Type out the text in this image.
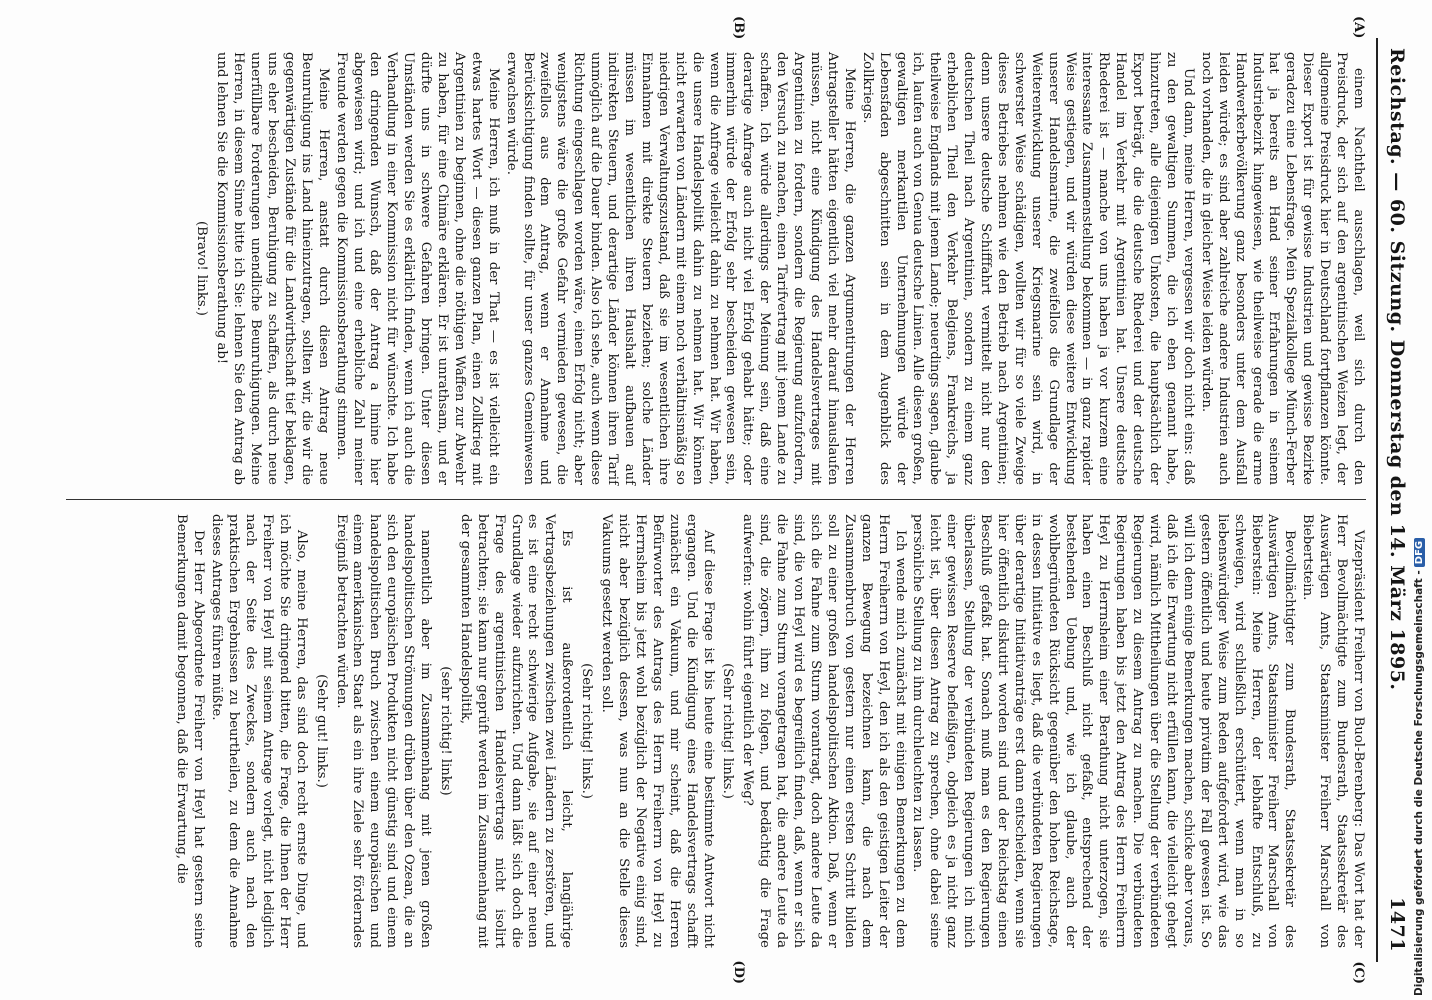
Reichstag. — 60. Sitzung. Donnerstag den 14. März 1895.
1471

einem Nachtheil ausschlagen, weil sich durch den Preisdruck, der sich auf den argentinischen Weizen legt, der allgemeine Preisdruck hier in Deutschland fortpflanzen könnte. Dieser Export ist für gewisse Industrien und gewisse Bezirke geradezu eine Lebensfrage. Mein Spezialkollege Münch-Ferber hat ja bereits an Hand seiner Erfahrungen in seinem Industriebezirk hingewiesen, wie theilweise gerade die arme Handwerkerbevölkerung ganz besonders unter dem Ausfall leiden würde; es sind aber zahlreiche andere Industrien auch noch vorhanden, die in gleicher Weise leiden würden.

Und dann, meine Herren, vergessen wir doch nicht eins: daß zu den gewaltigen Summen, die ich eben genannt habe, hinzutreten, alle diejenigen Unkosten, die hauptsächlich der Export beträgt, die die deutsche Rhederei und der deutsche Handel im Verkehr mit Argentinien hat. Unsere deutsche Rhederei ist — manche von uns haben ja vor kurzem eine interessante Zusammenstellung bekommen — in ganz rapider Weise gestiegen, und wir würden diese weitere Entwicklung unserer Handelsmarine, die zweifellos die Grundlage der Weiterentwicklung unserer Kriegsmarine sein wird, in schwerster Weise schädigen, wollten wir für so viele Zweige dieses Betriebes nehmen wie den Betrieb nach Argentinien; denn unsere deutsche Schifffahrt vermittelt nicht nur den deutschen Theil nach Argentinien, sondern zu einem ganz erheblichen Theil den Verkehr Belgiens, Frankreichs, ja theilweise Englands mit jenem Lande; neuerdings sagen, glaube ich, laufen auch von Genua deutsche Linien. Alle diesen großen, gewaltigen merkantilen Unternehmungen würde der Lebensfaden abgeschnitten sein in dem Augenblick des Zollkriegs.

Meine Herren, die ganzen Argumentirungen der Herren Antragsteller hätten eigentlich viel mehr darauf hinauslaufen müssen, nicht eine Kündigung des Handelsvertrages mit Argentinien zu fordern, sondern die Regierung aufzufordern, den Versuch zu machen, einen Tarifvertrag mit jenem Lande zu schaffen. Ich würde allerdings der Meinung sein, daß eine derartige Anfrage auch nicht viel Erfolg gehabt hätte; oder immerhin würde der Erfolg sehr bescheiden gewesen sein, wenn die Anfrage vielleicht dahin zu nehmen hat. Wir haben, die unsere Handelspolitik dahin zu nehmen hat. Wir können nicht erwarten von Ländern mit einem noch verhältnismäßig so niedrigen Verwaltungszustand, daß sie im wesentlichen ihre Einnahmen mit direkte Steuern beziehen; solche Länder müssen im wesentlichen ihren Haushalt aufbauen auf indirekten Steuern, und derartige Länder können ihren Tarif unmöglich auf die Dauer binden. Also ich sehe, auch wenn diese Richtung eingeschlagen worden wäre, einen Erfolg nicht; aber wenigstens wäre die große Gefahr vermieden gewesen, die zweifellos aus dem Antrag, wenn er Annahme und Berücksichtigung finden sollte, für unser ganzes Gemeinwesen erwachsen würde.

Meine Herren, ich muß in der That — es ist vielleicht ein etwas hartes Wort — diesen ganzen Plan, einen Zollkrieg mit Argentinien zu beginnen, ohne die nöthigen Waffen zur Abwehr zu haben, für eine Chimäre erklären. Er ist unrathsam, und er dürfte uns in schwere Gefahren bringen. Unter diesen Umständen werden Sie es erklärlich finden, wenn ich auch die Verhandlung in einer Kommission nicht für wünschte. Ich habe den dringenden Wunsch, daß der Antrag a limine hier abgewiesen wird; und ich und eine erhebliche Zahl meiner Freunde werden gegen die Kommissionsberathung stimmen.

Meine Herren, anstatt durch diesen Antrag neue Beunruhigung ins Land hineinzutragen, sollten wir, die wir die gegenwärtigen Zustände für die Landwirthschaft tief beklagen, uns eher bescheiden, Beruhigung zu schaffen, als durch neue unerfüllbare Forderungen unendliche Beunruhigungen. Meine Herren, in diesem Sinne bitte ich Sie: lehnen Sie den Antrag ab und lehnen Sie die Kommissionsberathung ab!

(Bravo! links.)

Vizepräsident Freiherr von Buol-Berenberg: Das Wort hat der Herr Bevollmächtigte zum Bundesrath, Staatssekretär des Auswärtigen Amts, Staatsminister Freiherr Marschall von Biebertstein.

Bevollmächtigter zum Bundesrath, Staatssekretär des Auswärtigen Amts, Staatsminister Freiherr Marschall von Bieberstein: Meine Herren, der lebhafte Entschluß, zu schweigen, wird schließlich erschüttert, wenn man in so liebenswürdiger Weise zum Reden aufgefordert wird, wie das gestern öffentlich und heute privatim der Fall gewesen ist. So will ich denn einige Bemerkungen machen, schicke aber voraus, daß ich die Erwartung nicht erfüllen kann, die vielleicht gehegt wird, nämlich Mittheilungen über die Stellung der verbündeten Regierungen zu diesem Antrag zu machen. Die verbündeten Regierungen haben bis jetzt den Antrag des Herrn Freiherrn Heyl zu Herrnsheim einer Berathung nicht unterzogen, sie haben einen Beschluß nicht gefaßt, entsprechend der bestehenden Uebung und, wie ich glaube, auch der wohlbegründeten Rücksicht gegenüber den hohen Reichstage, in dessen Initiative es liegt, daß die verbündeten Regierungen über derartige Initiativanträge erst dann entscheiden, wenn sie hier öffentlich diskutirt worden sind und der Reichstag einen Beschluß gefaßt hat. Sonach muß man es den Regierungen überlassen, Stellung der verbündeten Regierungen ich mich einer gewissen Reserve befleißigen, obgleich es ja nicht ganz leicht ist, über diesen Antrag zu sprechen, ohne dabei seine persönliche Stellung zu ihm durchleuchten zu lassen.

Ich wende mich zunächst mit einigen Bemerkungen zu dem Herrn Freiherrn von Heyl, den ich als den geistigen Leiter der ganzen Bewegung bezeichnen kann, die nach dem Zusammenbruch von gestern nur einen ersten Schritt bilden soll zu einer großen handelspolitischen Aktion. Daß, wenn er sich die Fahne zum Sturm vorantragt, doch andere Leute da sind, die von Heyl wird es begreiflich finden, daß, wenn er sich die Fahne zum Sturm vorangetragen hat, die andere Leute da sind, die zögern, ihm zu folgen, und bedächtig die Frage aufwerfen: wohin führt eigentlich der Weg?

(Sehr richtig! links.)

Auf diese Frage ist bis heute eine bestimmte Antwort nicht ergangen. Und die Kündigung eines Handelsvertrags schafft zunächst ein Vakuum, und mir scheint, daß die Herren Befürworter des Antrags des Herrn Freiherrn von Heyl zu Herrnsheim bis jetzt wohl bezüglich der Negative einig sind, nicht aber bezüglich dessen, was nun an die Stelle dieses Vakuums gesetzt werden soll.

(Sehr richtig! links.)

Es ist außerordentlich leicht, langjährige Vertragsbeziehungen zwischen zwei Ländern zu zerstören, und es ist eine recht schwierige Aufgabe, sie auf einer neuen Grundlage wieder aufzurichten. Und dann läßt sich doch die Frage des argentinischen Handelsvertrags nicht isolirt betrachten; sie kann nur geprüft werden im Zusammenhang mit der gesammten Handelspolitik,

(sehr richtig! links)

namentlich aber im Zusammenhang mit jenen großen handelspolitischen Strömungen drüben über den Ozean, die an sich den europäischen Produkten nicht günstig sind und einem handelspolitischen Bruch zwischen einem europäischen und einem amerikanischen Staat als ein ihre Ziele sehr förderndes Ereigniß betrachten würden.

(Sehr gut! links.)

Also, meine Herren, das sind doch recht ernste Dinge, und ich möchte Sie dringend bitten, die Frage, die Ihnen der Herr Freiherr von Heyl mit seinem Antrage vorlegt, nicht lediglich nach der Seite des Zweckes, sondern auch nach den praktischen Ergebnissen zu beurtheilen, zu dem die Annahme dieses Antrages führen müßte.

Der Herr Abgeordnete Freiherr von Heyl hat gestern seine Bemerkungen damit begonnen, daß die Erwartung, die

(A)
(B)
(C)
(D)	Digitalisierung gefördert durch die Deutsche Forschungsgemeinschaft -DFG
